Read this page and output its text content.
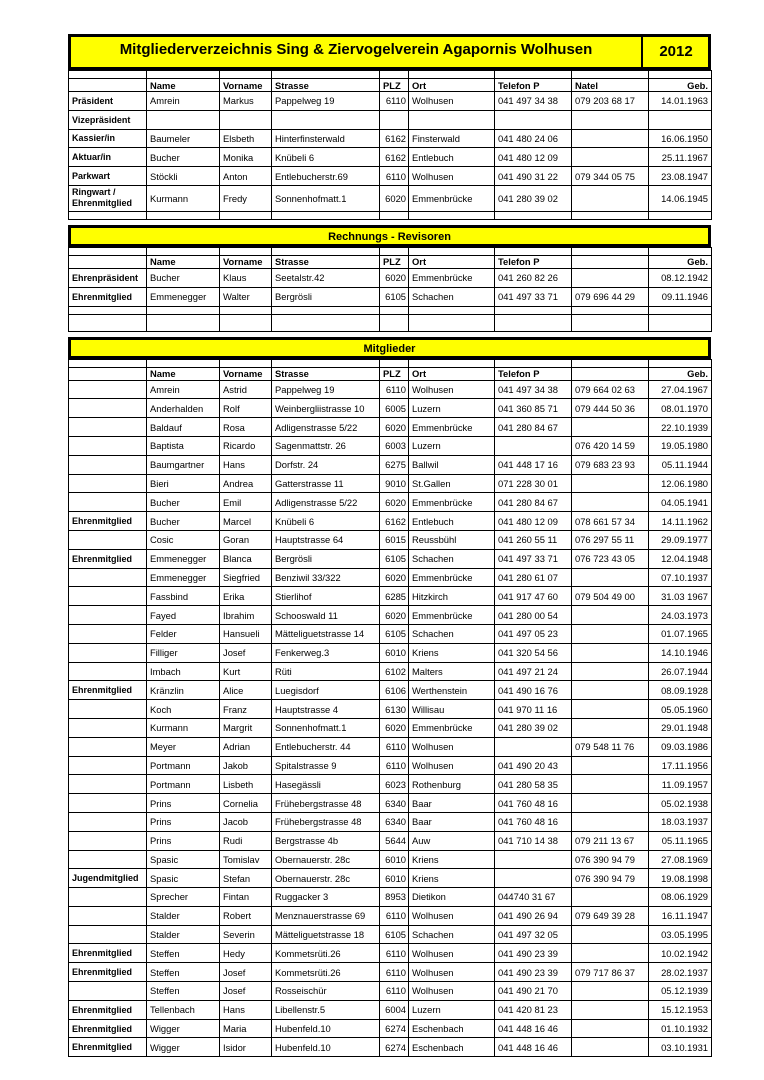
Mitgliederverzeichnis Sing & Ziervogelverein Agapornis Wolhusen	2012

	Name	Vorname	Strasse	PLZ	Ort	Telefon P	Natel	Geb.
Präsident	Amrein	Markus	Pappelweg 19	6110	Wolhusen	041 497 34 38	079 203 68 17	14.01.1963
Vizepräsident								
Kassier/in	Baumeler	Elsbeth	Hinterfinsterwald	6162	Finsterwald	041 480 24 06		16.06.1950
Aktuar/in	Bucher	Monika	Knübeli 6	6162	Entlebuch	041 480 12 09		25.11.1967
Parkwart	Stöckli	Anton	Entlebucherstr.69	6110	Wolhusen	041 490 31 22	079 344 05 75	23.08.1947
Ringwart / Ehrenmitglied	Kurmann	Fredy	Sonnenhofmatt.1	6020	Emmenbrücke	041 280 39 02		14.06.1945

Rechnungs - Revisoren

	Name	Vorname	Strasse	PLZ	Ort	Telefon P		Geb.
Ehrenpräsident	Bucher	Klaus	Seetalstr.42	6020	Emmenbrücke	041 260 82 26		08.12.1942
Ehrenmitglied	Emmenegger	Walter	Bergrösli	6105	Schachen	041 497 33 71	079 696 44 29	09.11.1946

Mitglieder

	Name	Vorname	Strasse	PLZ	Ort	Telefon P		Geb.
	Amrein	Astrid	Pappelweg 19	6110	Wolhusen	041 497 34 38	079 664 02 63	27.04.1967
	Anderhalden	Rolf	Weinbergliistrasse 10	6005	Luzern	041 360 85 71	079 444 50 36	08.01.1970
	Baldauf	Rosa	Adligenstrasse 5/22	6020	Emmenbrücke	041 280 84 67		22.10.1939
	Baptista	Ricardo	Sagenmattstr. 26	6003	Luzern		076 420 14 59	19.05.1980
	Baumgartner	Hans	Dorfstr. 24	6275	Ballwil	041 448 17 16	079 683 23 93	05.11.1944
	Bieri	Andrea	Gatterstrasse 11	9010	St.Gallen	071 228 30 01		12.06.1980
	Bucher	Emil	Adligenstrasse 5/22	6020	Emmenbrücke	041 280 84 67		04.05.1941
Ehrenmitglied	Bucher	Marcel	Knübeli 6	6162	Entlebuch	041 480 12 09	078 661 57 34	14.11.1962
	Cosic	Goran	Hauptstrasse 64	6015	Reussbühl	041 260 55 11	076 297 55 11	29.09.1977
Ehrenmitglied	Emmenegger	Blanca	Bergrösli	6105	Schachen	041 497 33 71	076 723 43 05	12.04.1948
	Emmenegger	Siegfried	Benziwil 33/322	6020	Emmenbrücke	041 280 61 07		07.10.1937
	Fassbind	Erika	Stierlihof	6285	Hitzkirch	041 917 47 60	079 504 49 00	31.03 1967
	Fayed	Ibrahim	Schooswald 11	6020	Emmenbrücke	041 280 00 54		24.03.1973
	Felder	Hansueli	Mätteliguetstrasse 14	6105	Schachen	041 497 05 23		01.07.1965
	Filliger	Josef	Fenkerweg.3	6010	Kriens	041 320 54 56		14.10.1946
	Imbach	Kurt	Rüti	6102	Malters	041 497 21 24		26.07.1944
Ehrenmitglied	Kränzlin	Alice	Luegisdorf	6106	Werthenstein	041 490 16 76		08.09.1928
	Koch	Franz	Hauptstrasse 4	6130	Willisau	041 970 11 16		05.05.1960
	Kurmann	Margrit	Sonnenhofmatt.1	6020	Emmenbrücke	041 280 39 02		29.01.1948
	Meyer	Adrian	Entlebucherstr. 44	6110	Wolhusen		079 548 11 76	09.03.1986
	Portmann	Jakob	Spitalstrasse 9	6110	Wolhusen	041 490 20 43		17.11.1956
	Portmann	Lisbeth	Hasegässli	6023	Rothenburg	041 280 58 35		11.09.1957
	Prins	Cornelia	Frühebergstrasse 48	6340	Baar	041 760 48 16		05.02.1938
	Prins	Jacob	Frühebergstrasse 48	6340	Baar	041 760 48 16		18.03.1937
	Prins	Rudi	Bergstrasse 4b	5644	Auw	041 710 14 38	079 211 13 67	05.11.1965
	Spasic	Tomislav	Obernauerstr. 28c	6010	Kriens		076 390 94 79	27.08.1969
Jugendmitglied	Spasic	Stefan	Obernauerstr. 28c	6010	Kriens		076 390 94 79	19.08.1998
	Sprecher	Fintan	Ruggacker 3	8953	Dietikon	044740 31 67		08.06.1929
	Stalder	Robert	Menznauerstrasse 69	6110	Wolhusen	041 490 26 94	079 649 39 28	16.11.1947
	Stalder	Severin	Mätteliguetstrasse 18	6105	Schachen	041 497 32 05		03.05.1995
Ehrenmitglied	Steffen	Hedy	Kommetsrüti.26	6110	Wolhusen	041 490 23 39		10.02.1942
Ehrenmitglied	Steffen	Josef	Kommetsrüti.26	6110	Wolhusen	041 490 23 39	079 717 86 37	28.02.1937
	Steffen	Josef	Rosseischür	6110	Wolhusen	041 490 21 70		05.12.1939
Ehrenmitglied	Tellenbach	Hans	Libellenstr.5	6004	Luzern	041 420 81 23		15.12.1953
Ehrenmitglied	Wigger	Maria	Hubenfeld.10	6274	Eschenbach	041 448 16 46		01.10.1932
Ehrenmitglied	Wigger	Isidor	Hubenfeld.10	6274	Eschenbach	041 448 16 46		03.10.1931
